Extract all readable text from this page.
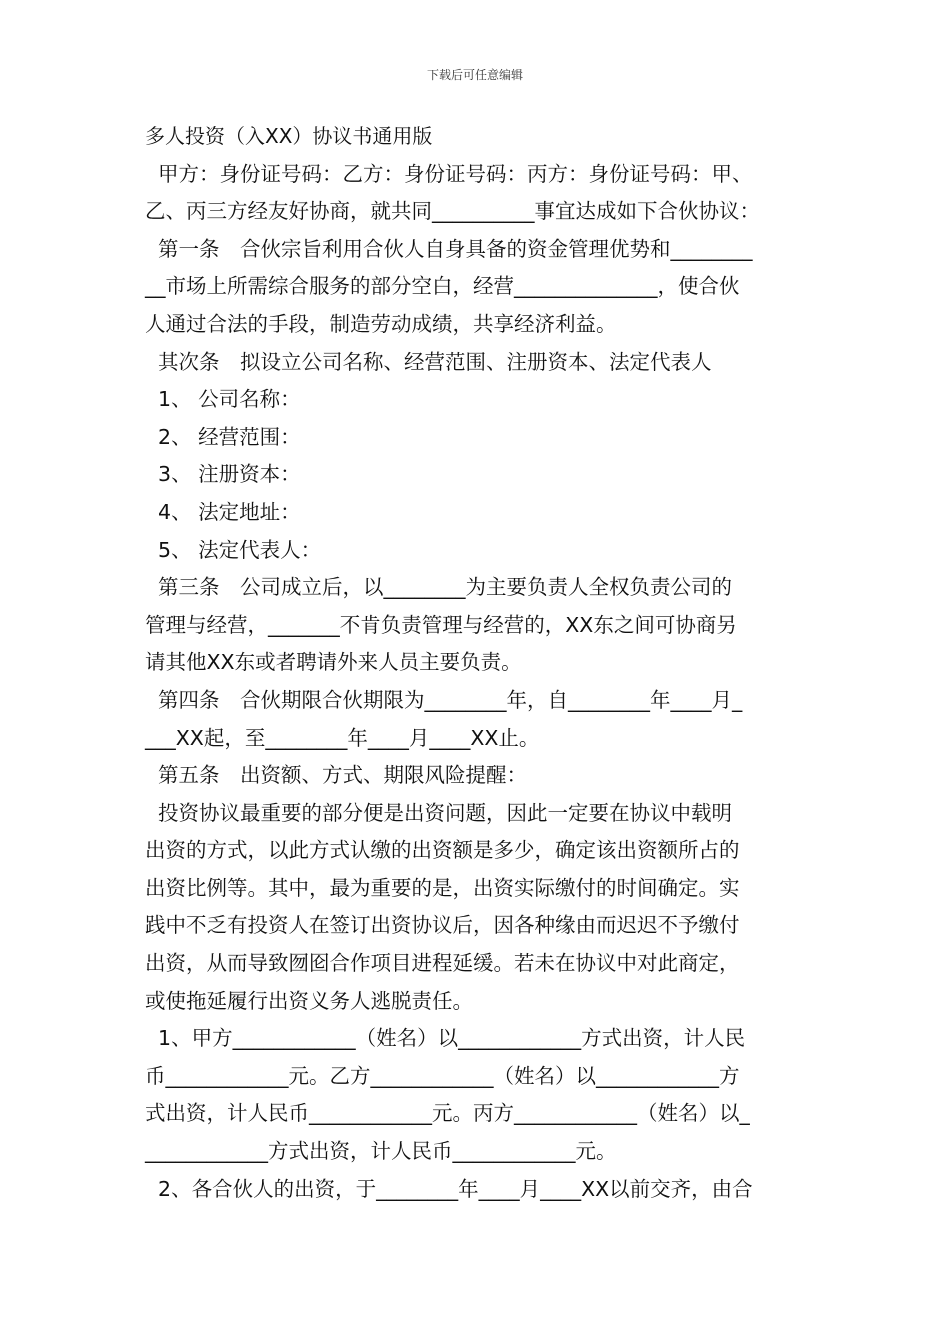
下载后可任意编辑

多人投资（入XX）协议书通用版

甲方：身份证号码：乙方：身份证号码：丙方：身份证号码：甲、

乙、丙三方经友好协商，就共同__________事宜达成如下合伙协议：

第一条　合伙宗旨利用合伙人自身具备的资金管理优势和________

__市场上所需综合服务的部分空白，经营______________，使合伙

人通过合法的手段，制造劳动成绩，共享经济利益。

其次条　拟设立公司名称、经营范围、注册资本、法定代表人

1、 公司名称：

2、 经营范围：

3、 注册资本：

4、 法定地址：

5、 法定代表人：

第三条　公司成立后，以________为主要负责人全权负责公司的

管理与经营，_______不肯负责管理与经营的，XX东之间可协商另

请其他XX东或者聘请外来人员主要负责。

第四条　合伙期限合伙期限为________年，自________年____月_

___XX起，至________年____月____XX止。

第五条　出资额、方式、期限风险提醒：

投资协议最重要的部分便是出资问题，因此一定要在协议中载明

出资的方式，以此方式认缴的出资额是多少，确定该出资额所占的

出资比例等。其中，最为重要的是，出资实际缴付的时间确定。实

践中不乏有投资人在签订出资协议后，因各种缘由而迟迟不予缴付

出资，从而导致囫囵合作项目进程延缓。若未在协议中对此商定，

或使拖延履行出资义务人逃脱责任。

1、甲方____________（姓名）以____________方式出资，计人民

币____________元。乙方____________（姓名）以____________方

式出资，计人民币____________元。丙方____________（姓名）以_

____________方式出资，计人民币____________元。

2、各合伙人的出资，于________年____月____XX以前交齐，由合
